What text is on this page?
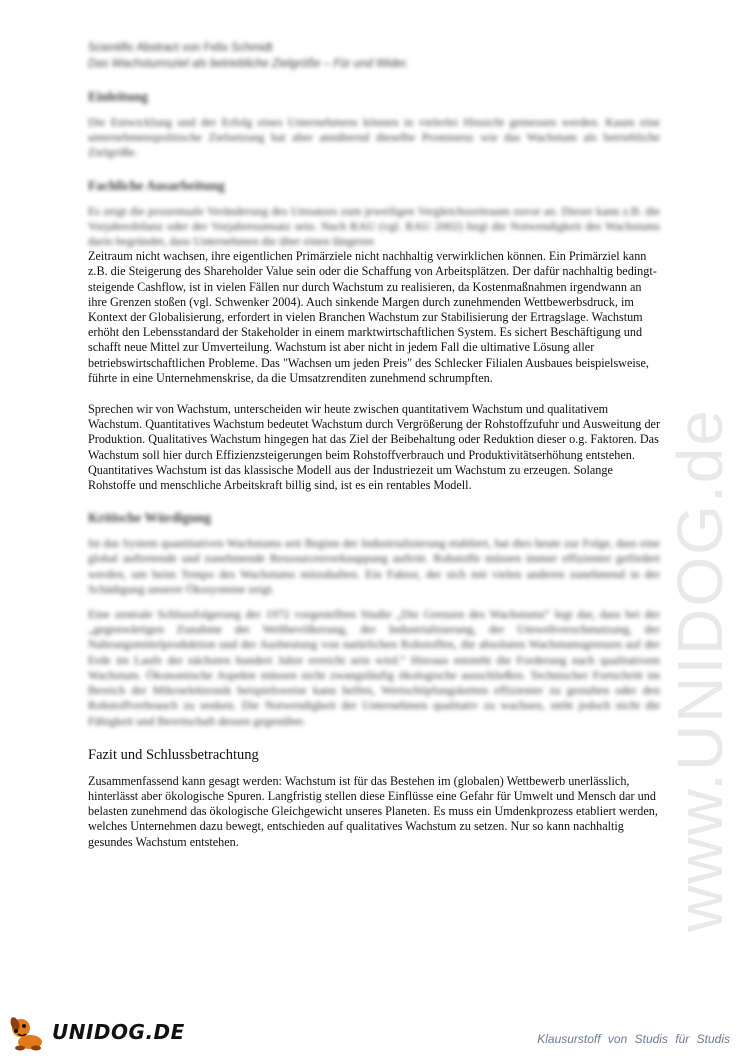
www.UNIDOG.de
Scientific Abstract von Felix Schmidt
Das Wachstumsziel als betriebliche Zielgröße – Für und Wider.
Einleitung

Die Entwicklung und der Erfolg eines Unternehmens können in vielerlei Hinsicht gemessen werden. Kaum eine unternehmenspolitische Zielsetzung hat aber annähernd dieselbe Prominenz wie das Wachstum als betriebliche Zielgröße.

Fachliche Ausarbeitung

Es zeigt die prozentuale Veränderung des Umsatzes zum jeweiligen Vergleichszeitraum zuvor an. Dieser kann z.B. die Vorjahresbilanz oder der Vorjahresumsatz sein. Nach RAU (vgl. RAU 2002) liegt die Notwendigkeit des Wachstums darin begründet, dass Unternehmen die über einen längeren

Zeitraum nicht wachsen, ihre eigentlichen Primärziele nicht nachhaltig verwirklichen können. Ein Primärziel kann z.B. die Steigerung des Shareholder Value sein oder die Schaffung von Arbeitsplätzen. Der dafür nachhaltig bedingt-steigende Cashflow, ist in vielen Fällen nur durch Wachstum zu realisieren, da Kostenmaßnahmen irgendwann an ihre Grenzen stoßen (vgl. Schwenker 2004). Auch sinkende Margen durch zunehmenden Wettbewerbsdruck, im Kontext der Globalisierung, erfordert in vielen Branchen Wachstum zur Stabilisierung der Ertragslage. Wachstum erhöht den Lebensstandard der Stakeholder in einem marktwirtschaftlichen System. Es sichert Beschäftigung und schafft neue Mittel zur Umverteilung. Wachstum ist aber nicht in jedem Fall die ultimative Lösung aller betriebswirtschaftlichen Probleme. Das "Wachsen um jeden Preis" des Schlecker Filialen Ausbaues beispielsweise, führte in eine Unternehmenskrise, da die Umsatzrenditen zunehmend schrumpften.

Sprechen wir von Wachstum, unterscheiden wir heute zwischen quantitativem Wachstum und qualitativem Wachstum. Quantitatives Wachstum bedeutet Wachstum durch Vergrößerung der Rohstoffzufuhr und Ausweitung der Produktion. Qualitatives Wachstum hingegen hat das Ziel der Beibehaltung oder Reduktion dieser o.g. Faktoren. Das Wachstum soll hier durch Effizienzsteigerungen beim Rohstoffverbrauch und Produktivitätserhöhung entstehen. Quantitatives Wachstum ist das klassische Modell aus der Industriezeit um Wachstum zu erzeugen. Solange Rohstoffe und menschliche Arbeitskraft billig sind, ist es ein rentables Modell.

Kritische Würdigung

Ist das System quantitativen Wachstums seit Beginn der Industrialisierung etabliert, hat dies heute zur Folge, dass eine global auftretende und zunehmende Ressourcenverknappung auftritt. Rohstoffe müssen immer effizienter gefördert werden, um beim Tempo des Wachstums mitzuhalten. Ein Faktor, der sich mit vielen anderen zunehmend in der Schädigung unserer Ökosysteme zeigt.

Eine zentrale Schlussfolgerung der 1972 vorgestellten Studie „Die Grenzen des Wachstums“ legt dar, dass bei der „gegenwärtigen Zunahme der Weltbevölkerung, der Industrialisierung, der Umweltverschmutzung, der Nahrungsmittelproduktion und der Ausbeutung von natürlichen Rohstoffen, die absoluten Wachstumsgrenzen auf der Erde im Laufe der nächsten hundert Jahre erreicht sein wird.“ Hieraus entsteht die Forderung nach qualitativem Wachstum. Ökonomische Aspekte müssen nicht zwangsläufig ökologische ausschließen. Technischer Fortschritt im Bereich der Mikroelektronik beispielsweise kann helfen, Wertschöpfungsketten effizienter zu gestalten oder den Rohstoffverbrauch zu senken. Die Notwendigkeit der Unternehmen qualitativ zu wachsen, steht jedoch nicht die Fähigkeit und Bereitschaft dessen gegenüber.

Fazit und Schlussbetrachtung

Zusammenfassend kann gesagt werden: Wachstum ist für das Bestehen im (globalen) Wettbewerb unerlässlich, hinterlässt aber ökologische Spuren. Langfristig stellen diese Einflüsse eine Gefahr für Umwelt und Mensch dar und belasten zunehmend das ökologische Gleichgewicht unseres Planeten. Es muss ein Umdenkprozess etabliert werden, welches Unternehmen dazu bewegt, entschieden auf qualitatives Wachstum zu setzen. Nur so kann nachhaltig gesundes Wachstum entstehen.

UNIDOG.DE	Klausurstoff von Studis für Studis
